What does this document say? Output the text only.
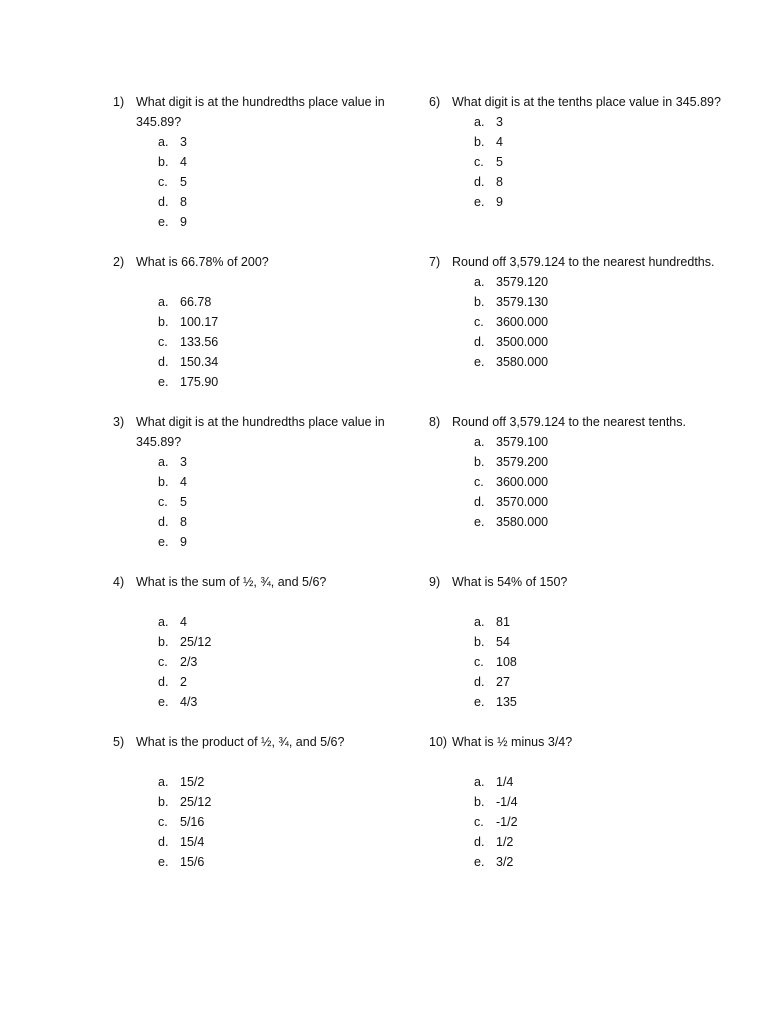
1) What digit is at the hundredths place value in 345.89?
a. 3
b. 4
c. 5
d. 8
e. 9
2) What is 66.78% of 200?
a. 66.78
b. 100.17
c. 133.56
d. 150.34
e. 175.90
3) What digit is at the hundredths place value in 345.89?
a. 3
b. 4
c. 5
d. 8
e. 9
4) What is the sum of ½, ¾, and 5/6?
a. 4
b. 25/12
c. 2/3
d. 2
e. 4/3
5) What is the product of ½, ¾, and 5/6?
a. 15/2
b. 25/12
c. 5/16
d. 15/4
e. 15/6
6) What digit is at the tenths place value in 345.89?
a. 3
b. 4
c. 5
d. 8
e. 9
7) Round off 3,579.124 to the nearest hundredths.
a. 3579.120
b. 3579.130
c. 3600.000
d. 3500.000
e. 3580.000
8) Round off 3,579.124 to the nearest tenths.
a. 3579.100
b. 3579.200
c. 3600.000
d. 3570.000
e. 3580.000
9) What is 54% of 150?
a. 81
b. 54
c. 108
d. 27
e. 135
10) What is ½ minus 3/4?
a. 1/4
b. -1/4
c. -1/2
d. 1/2
e. 3/2
